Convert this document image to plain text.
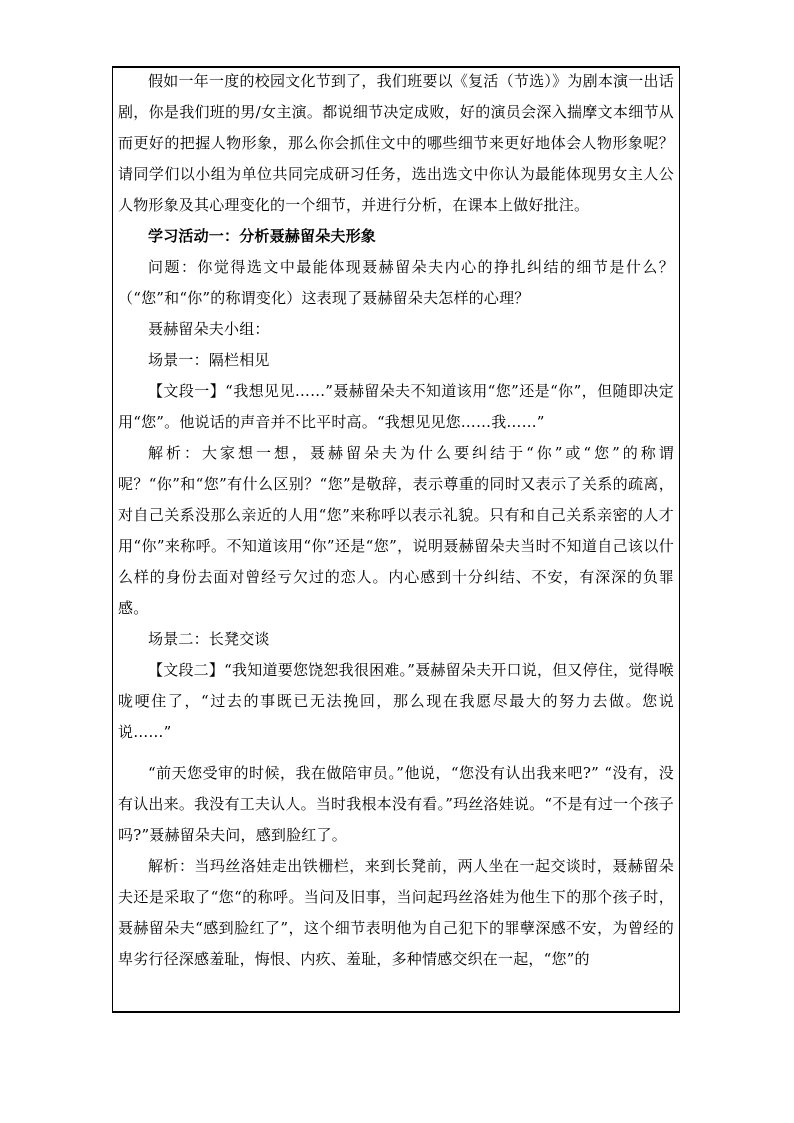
假如一年一度的校园文化节到了，我们班要以《复活（节选）》为剧本演一出话剧，你是我们班的男/女主演。都说细节决定成败，好的演员会深入揣摩文本细节从而更好的把握人物形象，那么你会抓住文中的哪些细节来更好地体会人物形象呢？请同学们以小组为单位共同完成研习任务，选出选文中你认为最能体现男女主人公人物形象及其心理变化的一个细节，并进行分析，在课本上做好批注。

学习活动一：分析聂赫留朵夫形象

问题：你觉得选文中最能体现聂赫留朵夫内心的挣扎纠结的细节是什么？（“您”和“你”的称谓变化）这表现了聂赫留朵夫怎样的心理？

聂赫留朵夫小组：

场景一：隔栏相见

【文段一】“我想见见……”聂赫留朵夫不知道该用“您”还是“你”，但随即决定用“您”。他说话的声音并不比平时高。“我想见见您……我……”

解析：大家想一想，聂赫留朵夫为什么要纠结于“你”或“您”的称谓呢？“你”和“您”有什么区别？“您”是敬辞，表示尊重的同时又表示了关系的疏离，对自己关系没那么亲近的人用“您”来称呼以表示礼貌。只有和自己关系亲密的人才用“你”来称呼。不知道该用“你”还是“您”，说明聂赫留朵夫当时不知道自己该以什么样的身份去面对曾经亏欠过的恋人。内心感到十分纠结、不安，有深深的负罪感。

场景二：长凳交谈

【文段二】“我知道要您饶恕我很困难。”聂赫留朵夫开口说，但又停住，觉得喉咙哽住了，“过去的事既已无法挽回，那么现在我愿尽最大的努力去做。您说说……”

“前天您受审的时候，我在做陪审员。”他说，“您没有认出我来吧?” “没有，没有认出来。我没有工夫认人。当时我根本没有看。”玛丝洛娃说。“不是有过一个孩子吗?”聂赫留朵夫问，感到脸红了。

解析：当玛丝洛娃走出铁栅栏，来到长凳前，两人坐在一起交谈时，聂赫留朵夫还是采取了“您“的称呼。当问及旧事，当问起玛丝洛娃为他生下的那个孩子时，聂赫留朵夫“感到脸红了”，这个细节表明他为自己犯下的罪孽深感不安，为曾经的卑劣行径深感羞耻，悔恨、内疚、羞耻，多种情感交织在一起，“您”的
